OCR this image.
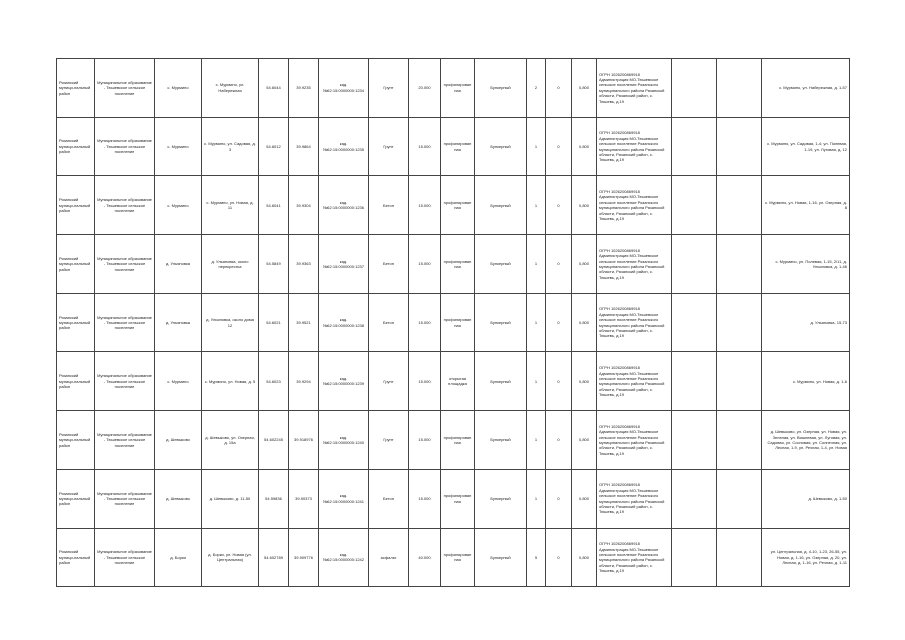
Рязанский муници-пальный район	Муниципальное образование - Тюшевское сельское поселение	с. Мурмино	с. Мурмино, ул. Набережная	54.6044	39.9235	кад.№62:15:0000000:1234	Грунт	20.000	профилированная	Бункерный	2	0	0,800	ОГРН 1026200869918 Администрация МО-Тюшевское сельское поселение Рязанского муниципального района Рязанской области, Рязанский район, с. Тюшевь, д.19			с. Мурмино, ул. Набережная, д. 1-57
Рязанский муници-пальный район	Муниципальное образование - Тюшевское сельское поселение	с. Мурмино	с. Мурмино, ул. Садовая, д. 3	54.6012	39.9864	кад.№62:15:0000000:1235	Грунт	15.000	профилированная	Бункерный	1	0	0,800	ОГРН 1026200869918 Администрация МО-Тюшевское сельское поселение Рязанского муниципального района Рязанской области, Рязанский район, с. Тюшевь, д.19			с. Мурмино, ул. Садовая, 1-4; ул. Полевая, 1-19, ул. Луговая, д. 12
Рязанский муници-пальный район	Муниципальное образование - Тюшевское сельское поселение	с. Мурмино	с. Мурмино, ул. Новая, д. 11	54.6041	39.9304	кад.№62:15:0000000:1236	Бетон	15.000	профилированная	Бункерный	1	0	0,800	ОГРН 1026200869918 Администрация МО-Тюшевское сельское поселение Рязанского муниципального района Рязанской области, Рязанский район, с. Тюшевь, д.19			с. Мурмино, ул. Новая, 1-16, ул. Озерная, д. 8
Рязанский муници-пальный район	Муниципальное образование - Тюшевское сельское поселение	д. Ульяновка	д. Ульяновка, около перекрестка	54.5849	39.9363	кад.№62:15:0000000:1237	Бетон	15.000	профилированная	Бункерный	1	0	0,800	ОГРН 1026200869918 Администрация МО-Тюшевское сельское поселение Рязанского муниципального района Рязанской области, Рязанский район, с. Тюшевь, д.19			с. Мурмино, ул. Полевая, 1-15, 2/11, д. Ульяновка, д. 1-46
Рязанский муници-пальный район	Муниципальное образование - Тюшевское сельское поселение	д. Ульяновка	д. Ульяновка, около дома 12	54.6021	39.9521	кад.№62:15:0000000:1238	Бетон	15.000	профилированная	Бункерный	1	0	0,800	ОГРН 1026200869918 Администрация МО-Тюшевское сельское поселение Рязанского муниципального района Рязанской области, Рязанский район, с. Тюшевь, д.19			д. Ульяновка, 15-73
Рязанский муници-пальный район	Муниципальное образование - Тюшевское сельское поселение	с. Мурмино	с. Мурмино, ул. Новая, д. 5	54.6023	39.9294	кад.№62:15:0000000:1239	Грунт	15.000	открытая площадка	Бункерный	1	0	0,800	ОГРН 1026200869918 Администрация МО-Тюшевское сельское поселение Рязанского муниципального района Рязанской области, Рязанский район, с. Тюшевь, д.19			с. Мурмино, ул. Новая, д. 1-6
Рязанский муници-пальный район	Муниципальное образование - Тюшевское сельское поселение	д. Шевыково	д. Шевыково, ул. Озерная, д. 15а	54.602245	39.918976	кад.№62:15:0000000:1240	Грунт	15.000	профилированная	Бункерный	1	0	0,800	ОГРН 1026200869918 Администрация МО-Тюшевское сельское поселение Рязанского муниципального района Рязанской области, Рязанский район, с. Тюшевь, д.19			д. Шевыково, ул. Озерная, ул. Новая, ул. Зеленая, ул. Вишневая, ул. Луговая, ул. Садовая, ул. Сосновая, ул. Солнечная, ул. Лесная, 1-9, ул. Речная, 1-4, ул. Новая
Рязанский муници-пальный район	Муниципальное образование - Тюшевское сельское поселение	д. Шевыково	д. Шевыково, д. 11-50	54.59836	39.90373	кад.№62:15:0000000:1241	Бетон	15.000	профилированная	Бункерный	1	0	0,800	ОГРН 1026200869918 Администрация МО-Тюшевское сельское поселение Рязанского муниципального района Рязанской области, Рязанский район, с. Тюшевь, д.19			д. Шевыково, д. 1-50
Рязанский муници-пальный район	Муниципальное образование - Тюшевское сельское поселение	д. Борки	д. Борки, ул. Новая (ул. Центральная)	54.602789	39.909776	кад.№62:15:0000000:1242	асфальт	40.000	профилированная	Бункерный	5	0	0,800	ОГРН 1026200869918 Администрация МО-Тюшевское сельское поселение Рязанского муниципального района Рязанской области, Рязанский район, с. Тюшевь, д.19			ул. Центральная, д. 4-10, 1-23, 26-55, ул. Новая, д. 1-16, ул. Озерная, д. 20, ул. Лесная, д. 1-16, ул. Речная, д. 1-11
